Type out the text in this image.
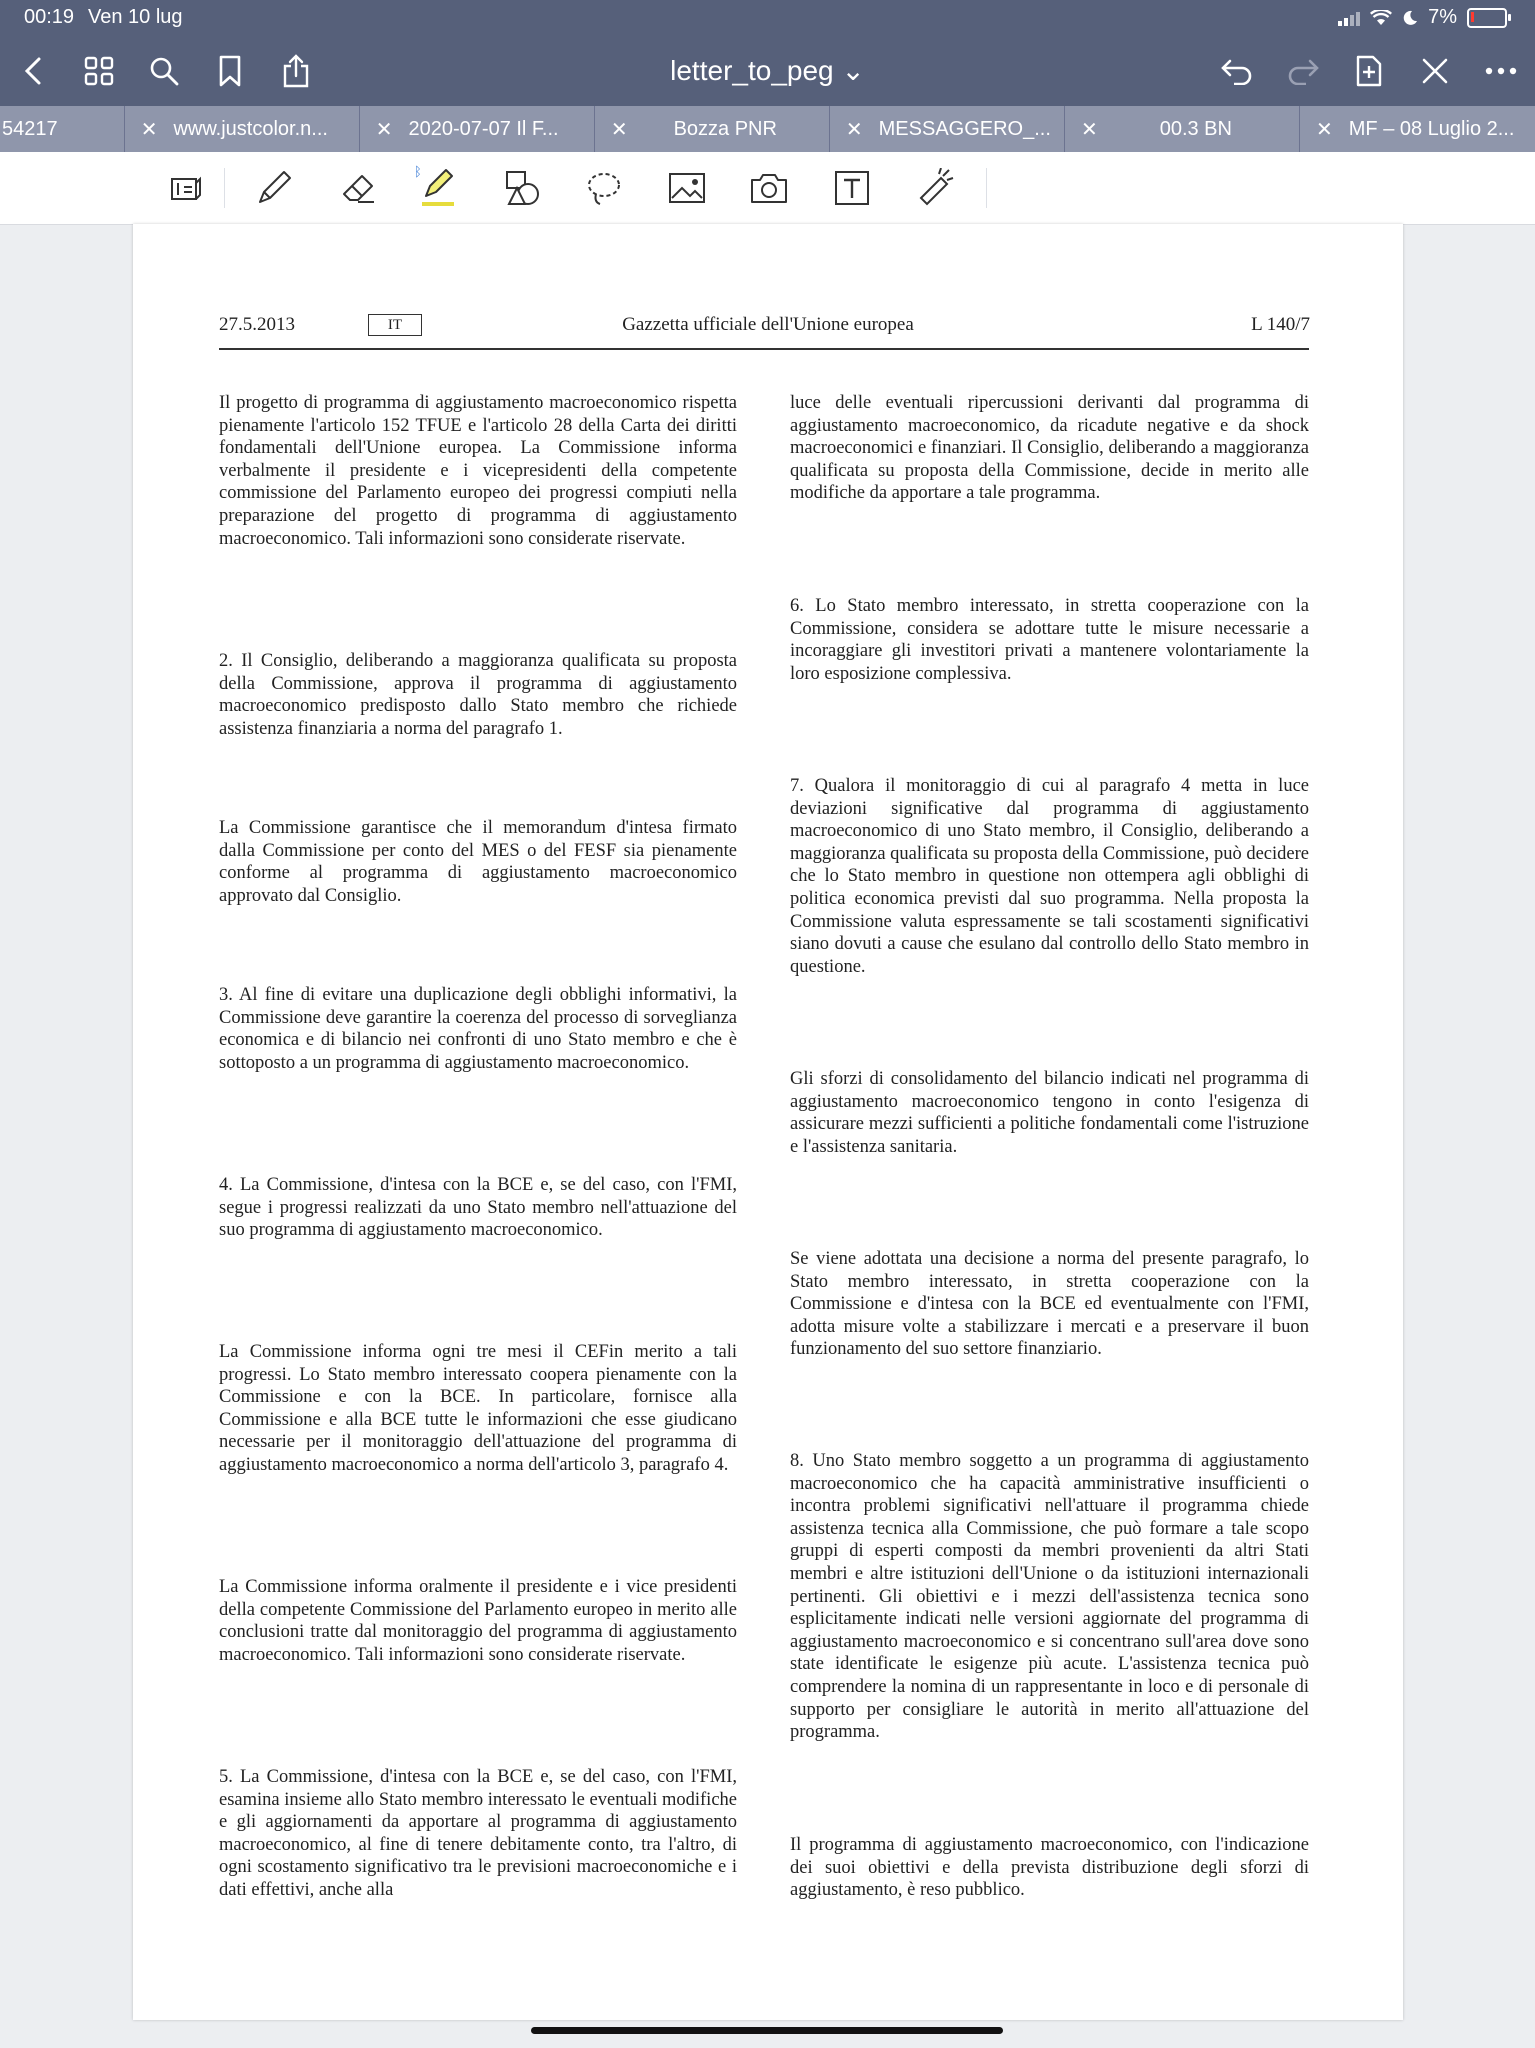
00:19 Ven 10 lug	7%
letter_to_peg ⌄
54217	✕ www.justcolor.n... ✕ 2020-07-07 Il F...	✕ Bozza PNR	✕ MESSAGGERO_... ✕	00.3 BN	✕ MF – 08 Luglio 2...
ᛒ
27.5.2013	IT	Gazzetta ufficiale dell'Unione europea	L 140/7

Il progetto di programma di aggiustamento macroeconomico rispetta pienamente l'articolo 152 TFUE e l'articolo 28 della Carta dei diritti fondamentali dell'Unione europea. La Commissione informa verbalmente il presidente e i vicepresidenti della competente commissione del Parlamento europeo dei progressi compiuti nella preparazione del progetto di programma di aggiustamento macroeconomico. Tali informazioni sono considerate riservate.

2. Il Consiglio, deliberando a maggioranza qualificata su proposta della Commissione, approva il programma di aggiustamento macroeconomico predisposto dallo Stato membro che richiede assistenza finanziaria a norma del paragrafo 1.

La Commissione garantisce che il memorandum d'intesa firmato dalla Commissione per conto del MES o del FESF sia pienamente conforme al programma di aggiustamento macroeconomico approvato dal Consiglio.

3. Al fine di evitare una duplicazione degli obblighi informativi, la Commissione deve garantire la coerenza del processo di sorveglianza economica e di bilancio nei confronti di uno Stato membro e che è sottoposto a un programma di aggiustamento macroeconomico.

4. La Commissione, d'intesa con la BCE e, se del caso, con l'FMI, segue i progressi realizzati da uno Stato membro nell'attuazione del suo programma di aggiustamento macroeconomico.

La Commissione informa ogni tre mesi il CEFin merito a tali progressi. Lo Stato membro interessato coopera pienamente con la Commissione e con la BCE. In particolare, fornisce alla Commissione e alla BCE tutte le informazioni che esse giudicano necessarie per il monitoraggio dell'attuazione del programma di aggiustamento macroeconomico a norma dell'articolo 3, paragrafo 4.

La Commissione informa oralmente il presidente e i vice presidenti della competente Commissione del Parlamento europeo in merito alle conclusioni tratte dal monitoraggio del programma di aggiustamento macroeconomico. Tali informazioni sono considerate riservate.

5. La Commissione, d'intesa con la BCE e, se del caso, con l'FMI, esamina insieme allo Stato membro interessato le eventuali modifiche e gli aggiornamenti da apportare al programma di aggiustamento macroeconomico, al fine di tenere debitamente conto, tra l'altro, di ogni scostamento significativo tra le previsioni macroeconomiche e i dati effettivi, anche alla

luce delle eventuali ripercussioni derivanti dal programma di aggiustamento macroeconomico, da ricadute negative e da shock macroeconomici e finanziari. Il Consiglio, deliberando a maggioranza qualificata su proposta della Commissione, decide in merito alle modifiche da apportare a tale programma.

6. Lo Stato membro interessato, in stretta cooperazione con la Commissione, considera se adottare tutte le misure necessarie a incoraggiare gli investitori privati a mantenere volontariamente la loro esposizione complessiva.

7. Qualora il monitoraggio di cui al paragrafo 4 metta in luce deviazioni significative dal programma di aggiustamento macroeconomico di uno Stato membro, il Consiglio, deliberando a maggioranza qualificata su proposta della Commissione, può decidere che lo Stato membro in questione non ottempera agli obblighi di politica economica previsti dal suo programma. Nella proposta la Commissione valuta espressamente se tali scostamenti significativi siano dovuti a cause che esulano dal controllo dello Stato membro in questione.

Gli sforzi di consolidamento del bilancio indicati nel programma di aggiustamento macroeconomico tengono in conto l'esigenza di assicurare mezzi sufficienti a politiche fondamentali come l'istruzione e l'assistenza sanitaria.

Se viene adottata una decisione a norma del presente paragrafo, lo Stato membro interessato, in stretta cooperazione con la Commissione e d'intesa con la BCE ed eventualmente con l'FMI, adotta misure volte a stabilizzare i mercati e a preservare il buon funzionamento del suo settore finanziario.

8. Uno Stato membro soggetto a un programma di aggiustamento macroeconomico che ha capacità amministrative insufficienti o incontra problemi significativi nell'attuare il programma chiede assistenza tecnica alla Commissione, che può formare a tale scopo gruppi di esperti composti da membri provenienti da altri Stati membri e altre istituzioni dell'Unione o da istituzioni internazionali pertinenti. Gli obiettivi e i mezzi dell'assistenza tecnica sono esplicitamente indicati nelle versioni aggiornate del programma di aggiustamento macroeconomico e si concentrano sull'area dove sono state identificate le esigenze più acute. L'assistenza tecnica può comprendere la nomina di un rappresentante in loco e di personale di supporto per consigliare le autorità in merito all'attuazione del programma.

Il programma di aggiustamento macroeconomico, con l'indicazione dei suoi obiettivi e della prevista distribuzione degli sforzi di aggiustamento, è reso pubblico.
